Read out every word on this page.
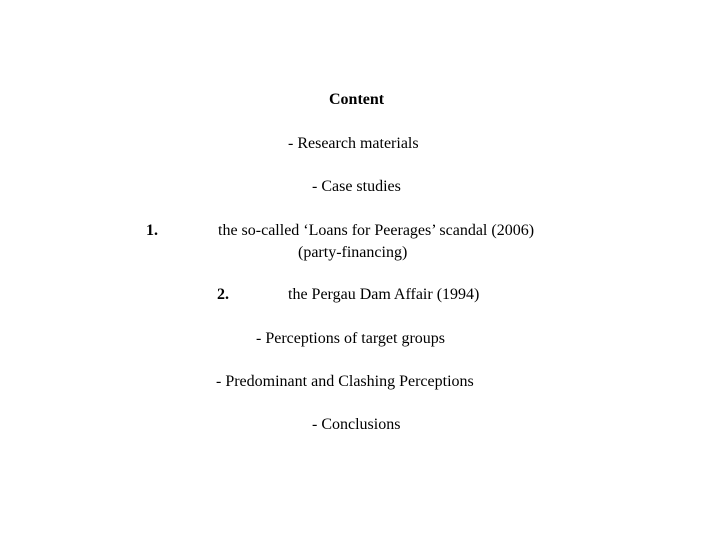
Content
- Research materials
- Case studies
1.	the so-called ‘Loans for Peerages’ scandal (2006)
(party-financing)
2.	the Pergau Dam Affair (1994)
- Perceptions of target groups
- Predominant and Clashing Perceptions
- Conclusions
